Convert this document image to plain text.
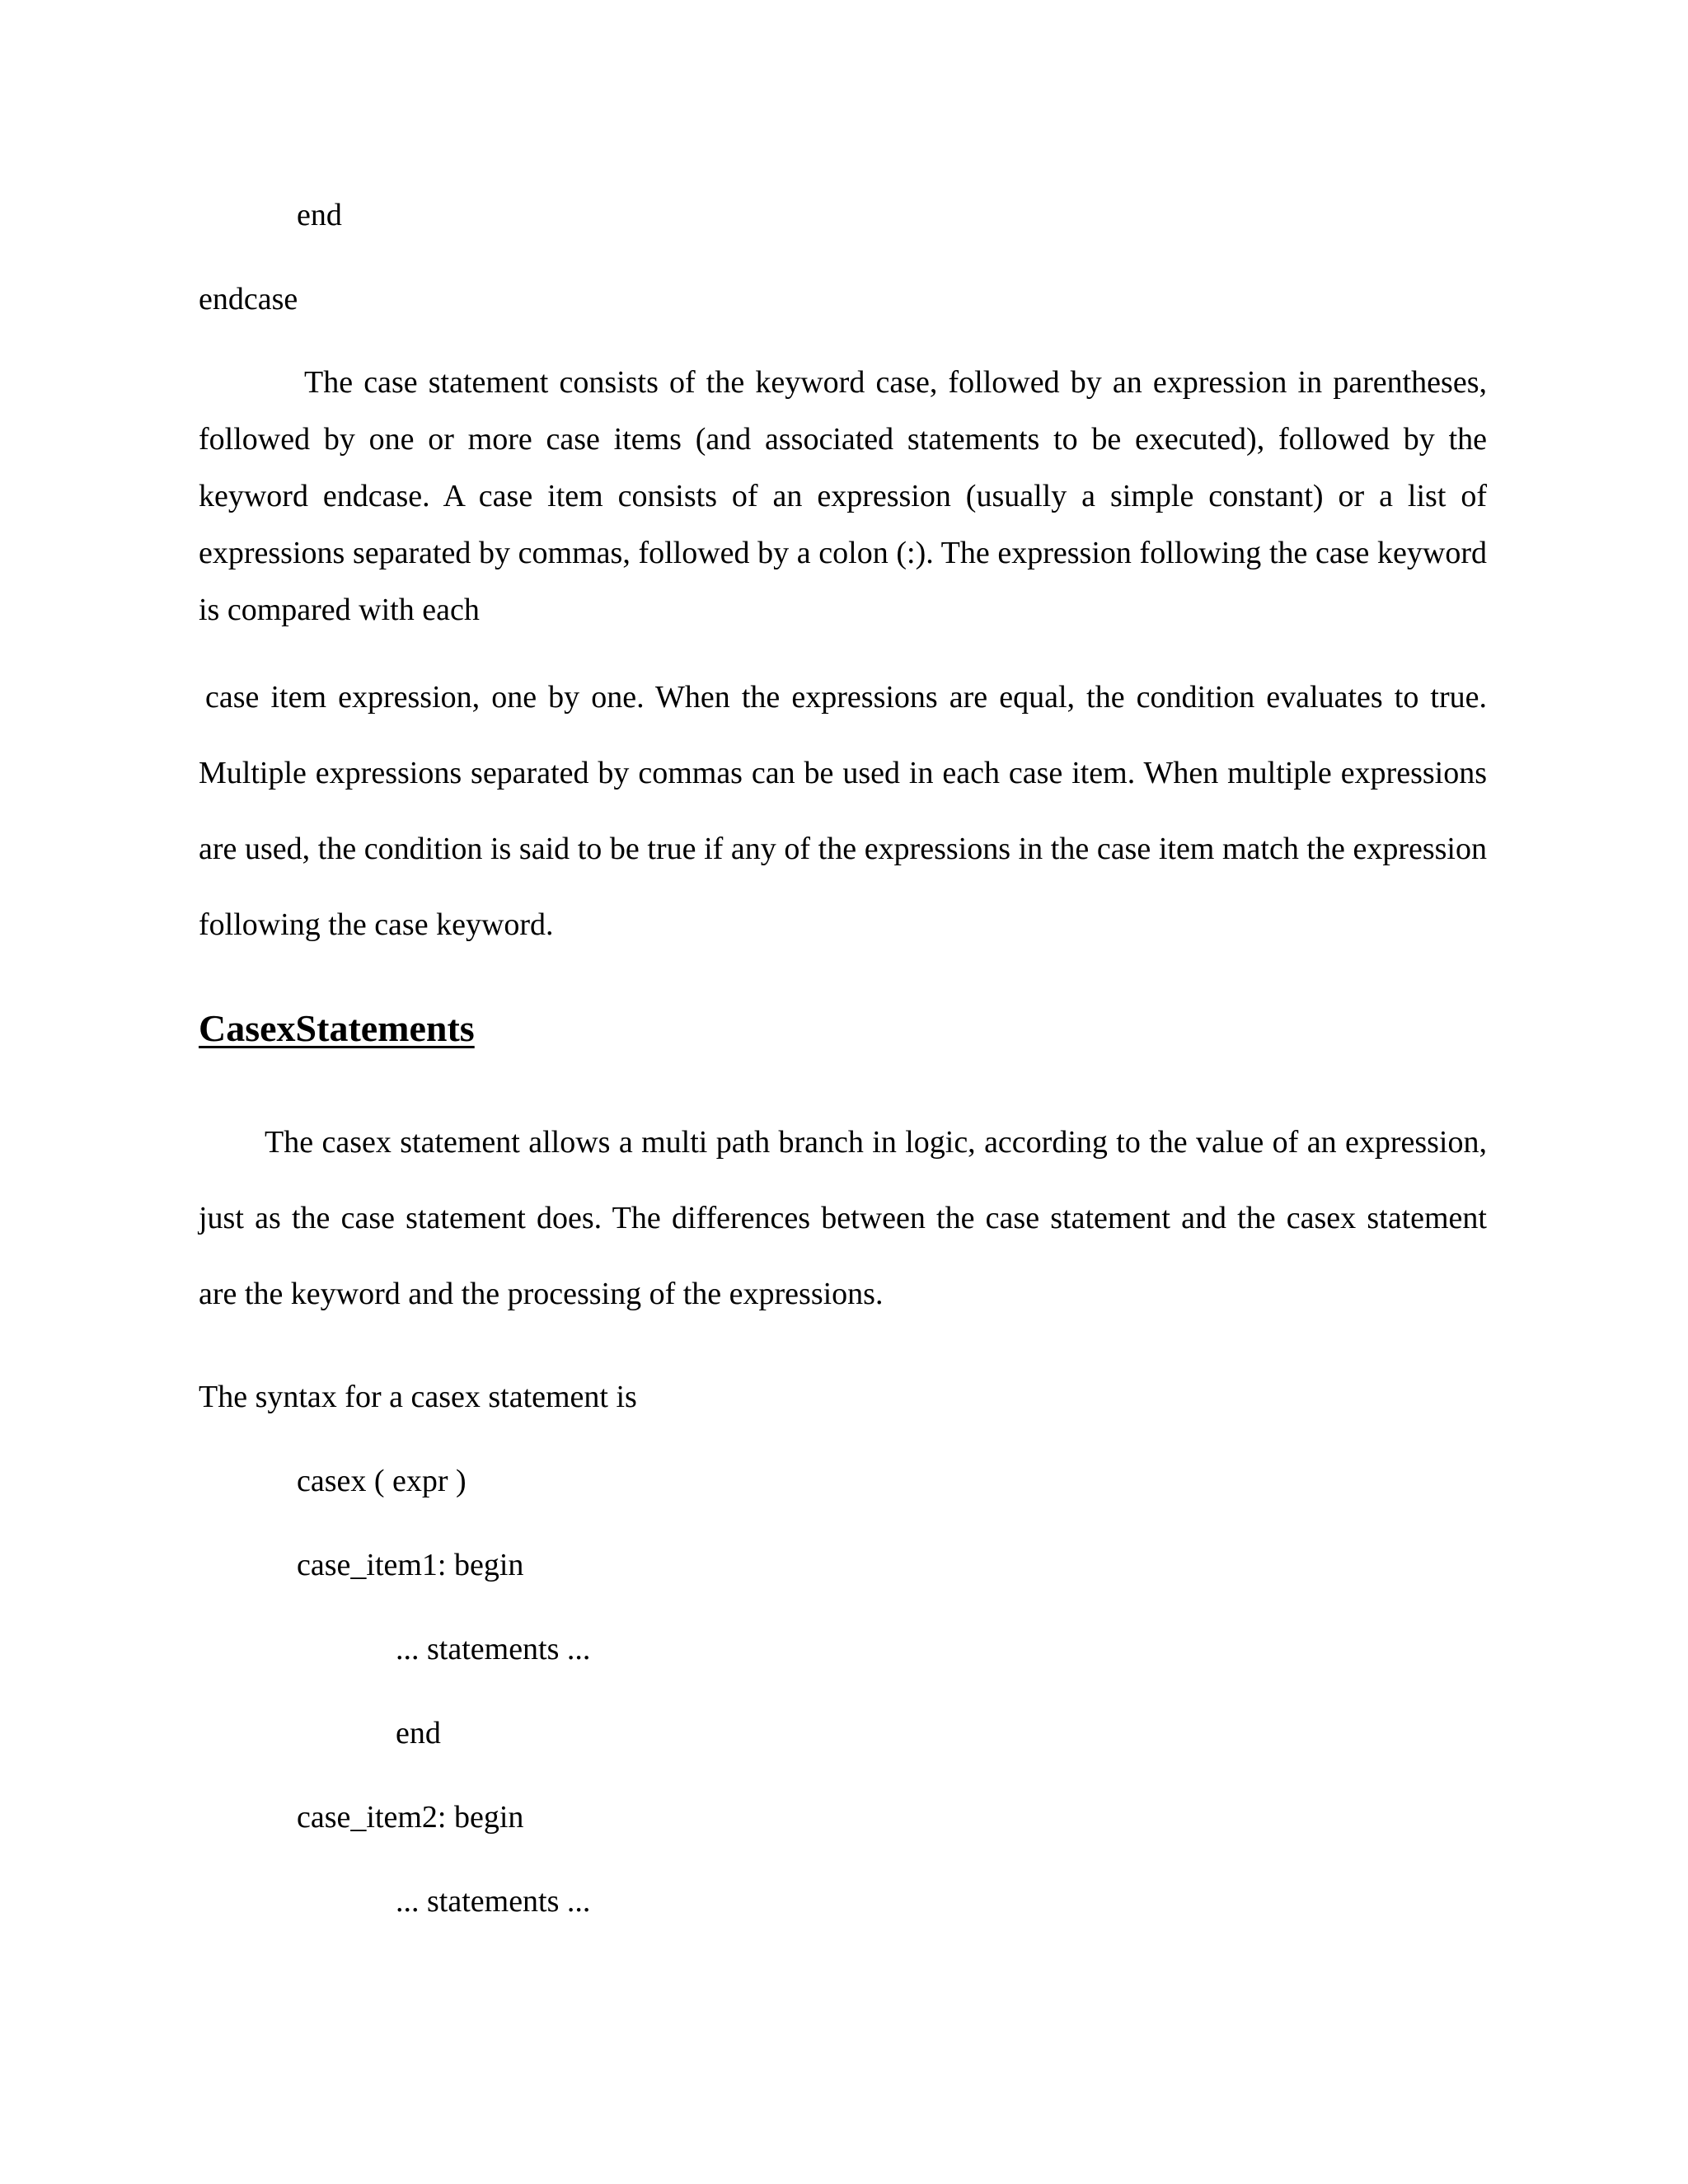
end
endcase
The case statement consists of the keyword case, followed by an expression in parentheses, followed by one or more case items (and associated statements to be executed), followed by the keyword endcase. A case item consists of an expression (usually a simple constant) or a list of expressions separated by commas, followed by a colon (:). The expression following the case keyword is compared with each
case item expression, one by one. When the expressions are equal, the condition evaluates to true. Multiple expressions separated by commas can be used in each case item. When multiple expressions are used, the condition is said to be true if any of the expressions in the case item match the expression following the case keyword.
CasexStatements
The casex statement allows a multi path branch in logic, according to the value of an expression, just as the case statement does. The differences between the case statement and the casex statement are the keyword and the processing of the expressions.
The syntax for a casex statement is
casex ( expr )
case_item1: begin
... statements ...
end
case_item2: begin
... statements ...
